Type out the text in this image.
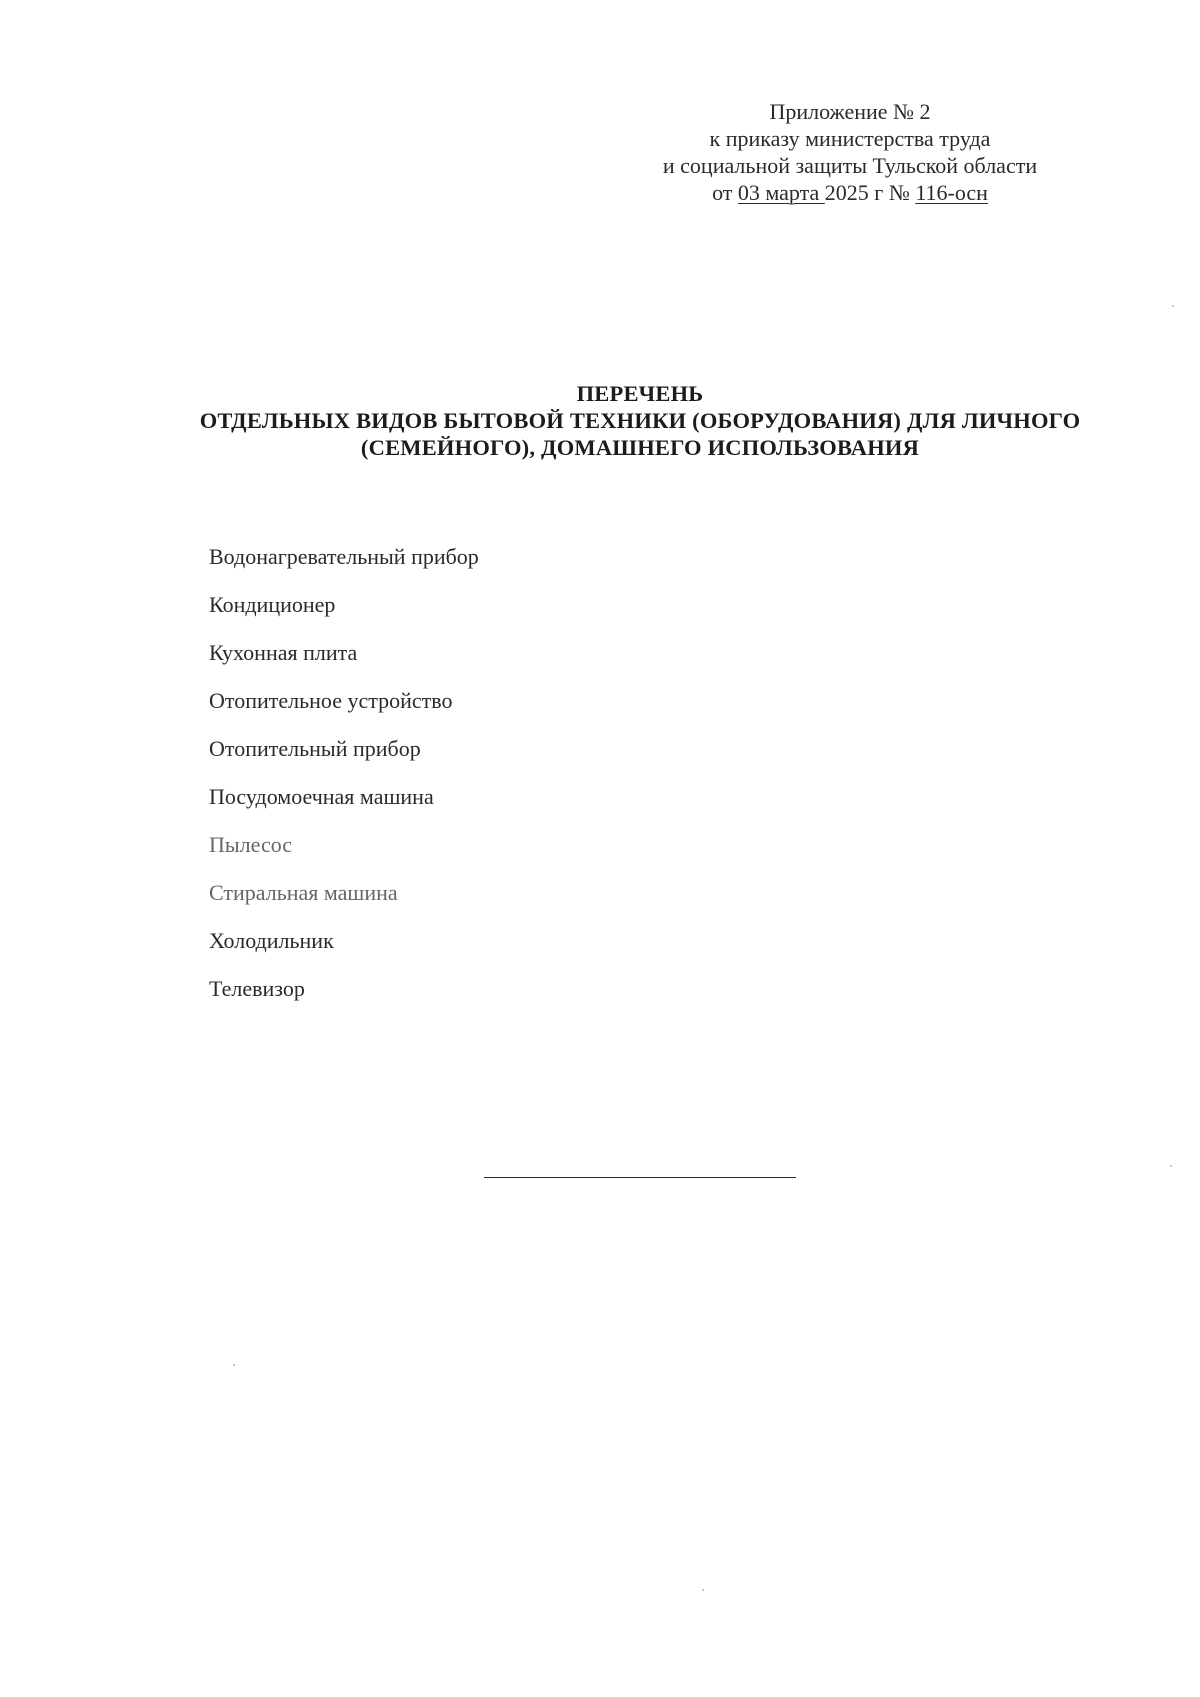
Приложение № 2
к приказу министерства труда
и социальной защиты Тульской области
от 03 марта 2025 г № 116-осн
ПЕРЕЧЕНЬ
ОТДЕЛЬНЫХ ВИДОВ БЫТОВОЙ ТЕХНИКИ (ОБОРУДОВАНИЯ) ДЛЯ ЛИЧНОГО
(СЕМЕЙНОГО), ДОМАШНЕГО ИСПОЛЬЗОВАНИЯ
Водонагревательный прибор
Кондиционер
Кухонная плита
Отопительное устройство
Отопительный прибор
Посудомоечная машина
Пылесос
Стиральная машина
Холодильник
Телевизор
